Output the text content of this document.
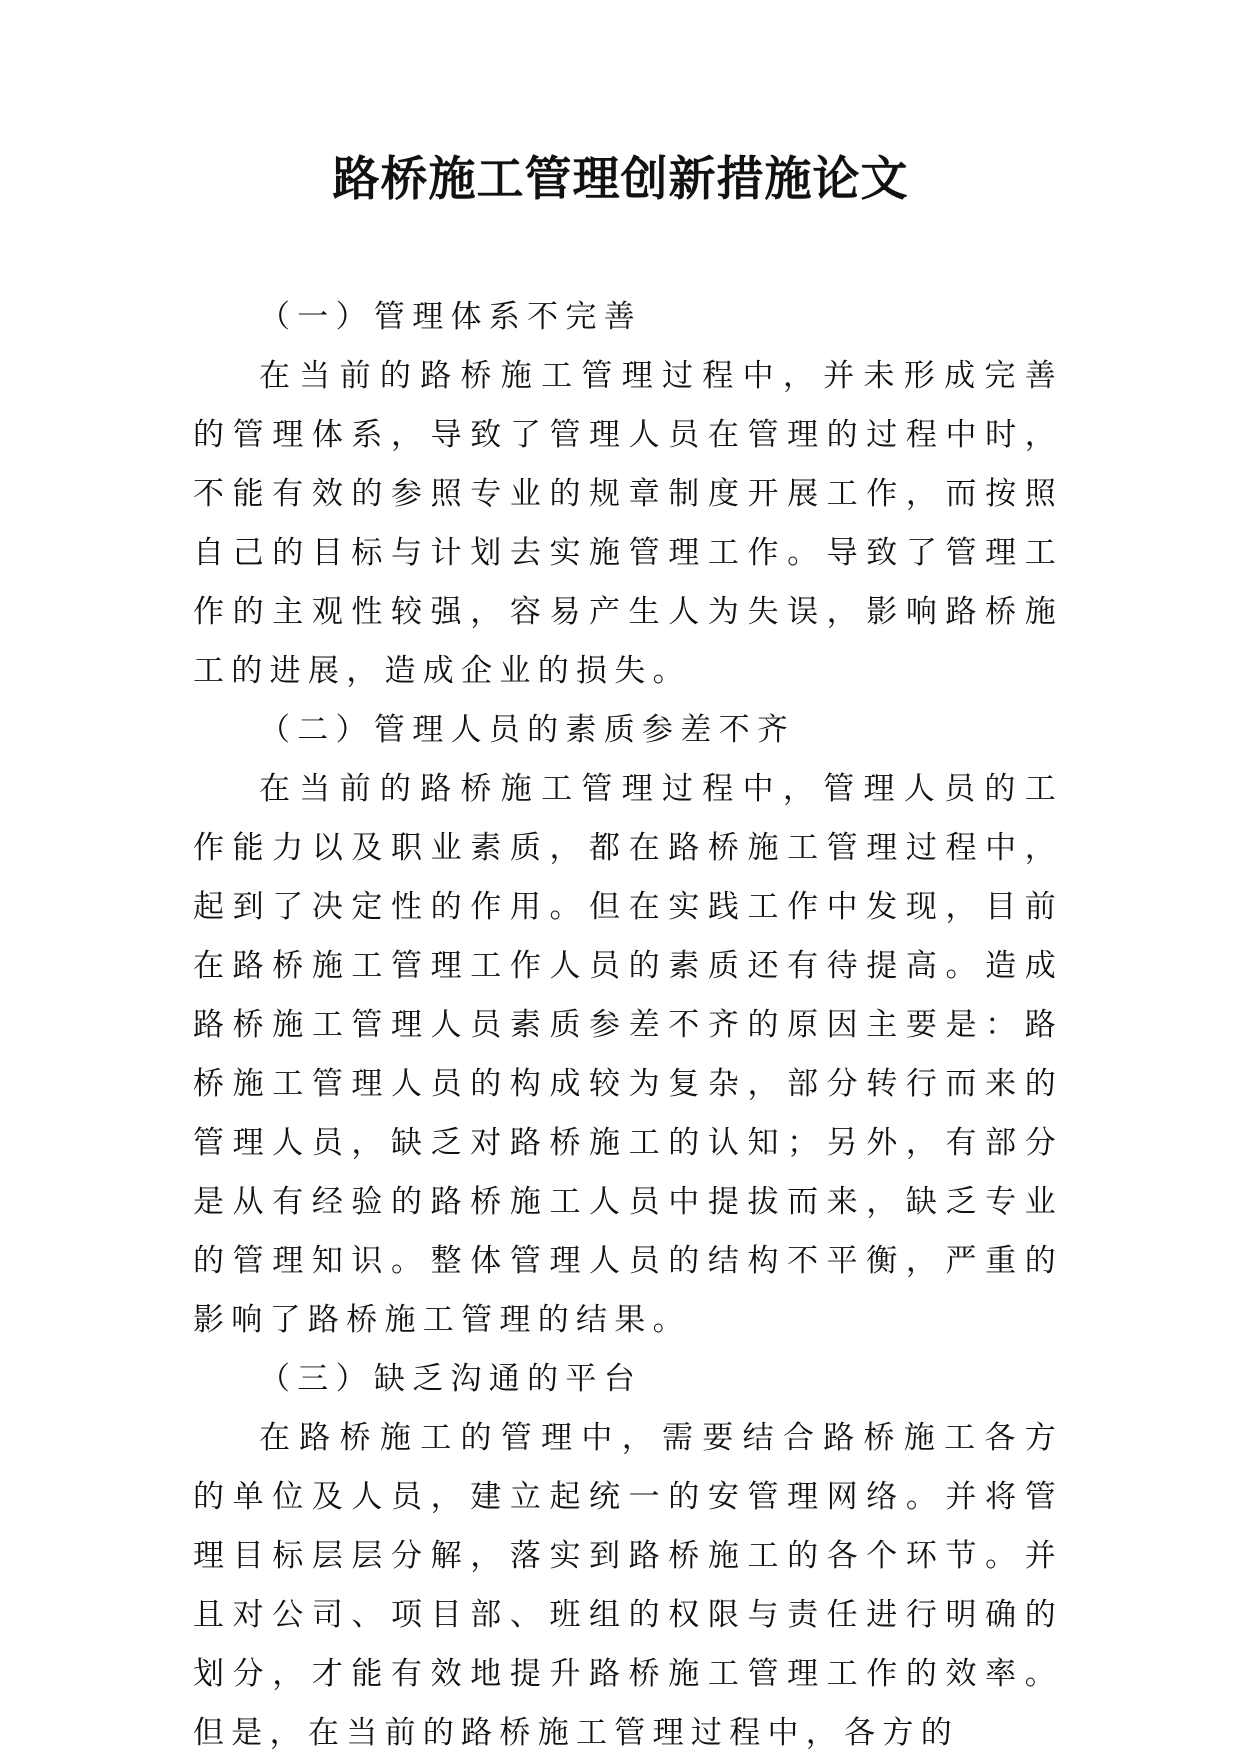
路桥施工管理创新措施论文

（一）管理体系不完善

在当前的路桥施工管理过程中，并未形成完善的管理体系，导致了管理人员在管理的过程中时，不能有效的参照专业的规章制度开展工作，而按照自己的目标与计划去实施管理工作。导致了管理工作的主观性较强，容易产生人为失误，影响路桥施工的进展，造成企业的损失。

（二）管理人员的素质参差不齐

在当前的路桥施工管理过程中，管理人员的工作能力以及职业素质，都在路桥施工管理过程中，起到了决定性的作用。但在实践工作中发现，目前在路桥施工管理工作人员的素质还有待提高。造成路桥施工管理人员素质参差不齐的原因主要是：路桥施工管理人员的构成较为复杂，部分转行而来的管理人员，缺乏对路桥施工的认知；另外，有部分是从有经验的路桥施工人员中提拔而来，缺乏专业的管理知识。整体管理人员的结构不平衡，严重的影响了路桥施工管理的结果。

（三）缺乏沟通的平台

在路桥施工的管理中，需要结合路桥施工各方的单位及人员，建立起统一的安管理网络。并将管理目标层层分解，落实到路桥施工的各个环节。并且对公司、项目部、班组的权限与责任进行明确的划分，才能有效地提升路桥施工管理工作的效率。但是，在当前的路桥施工管理过程中，各方的
